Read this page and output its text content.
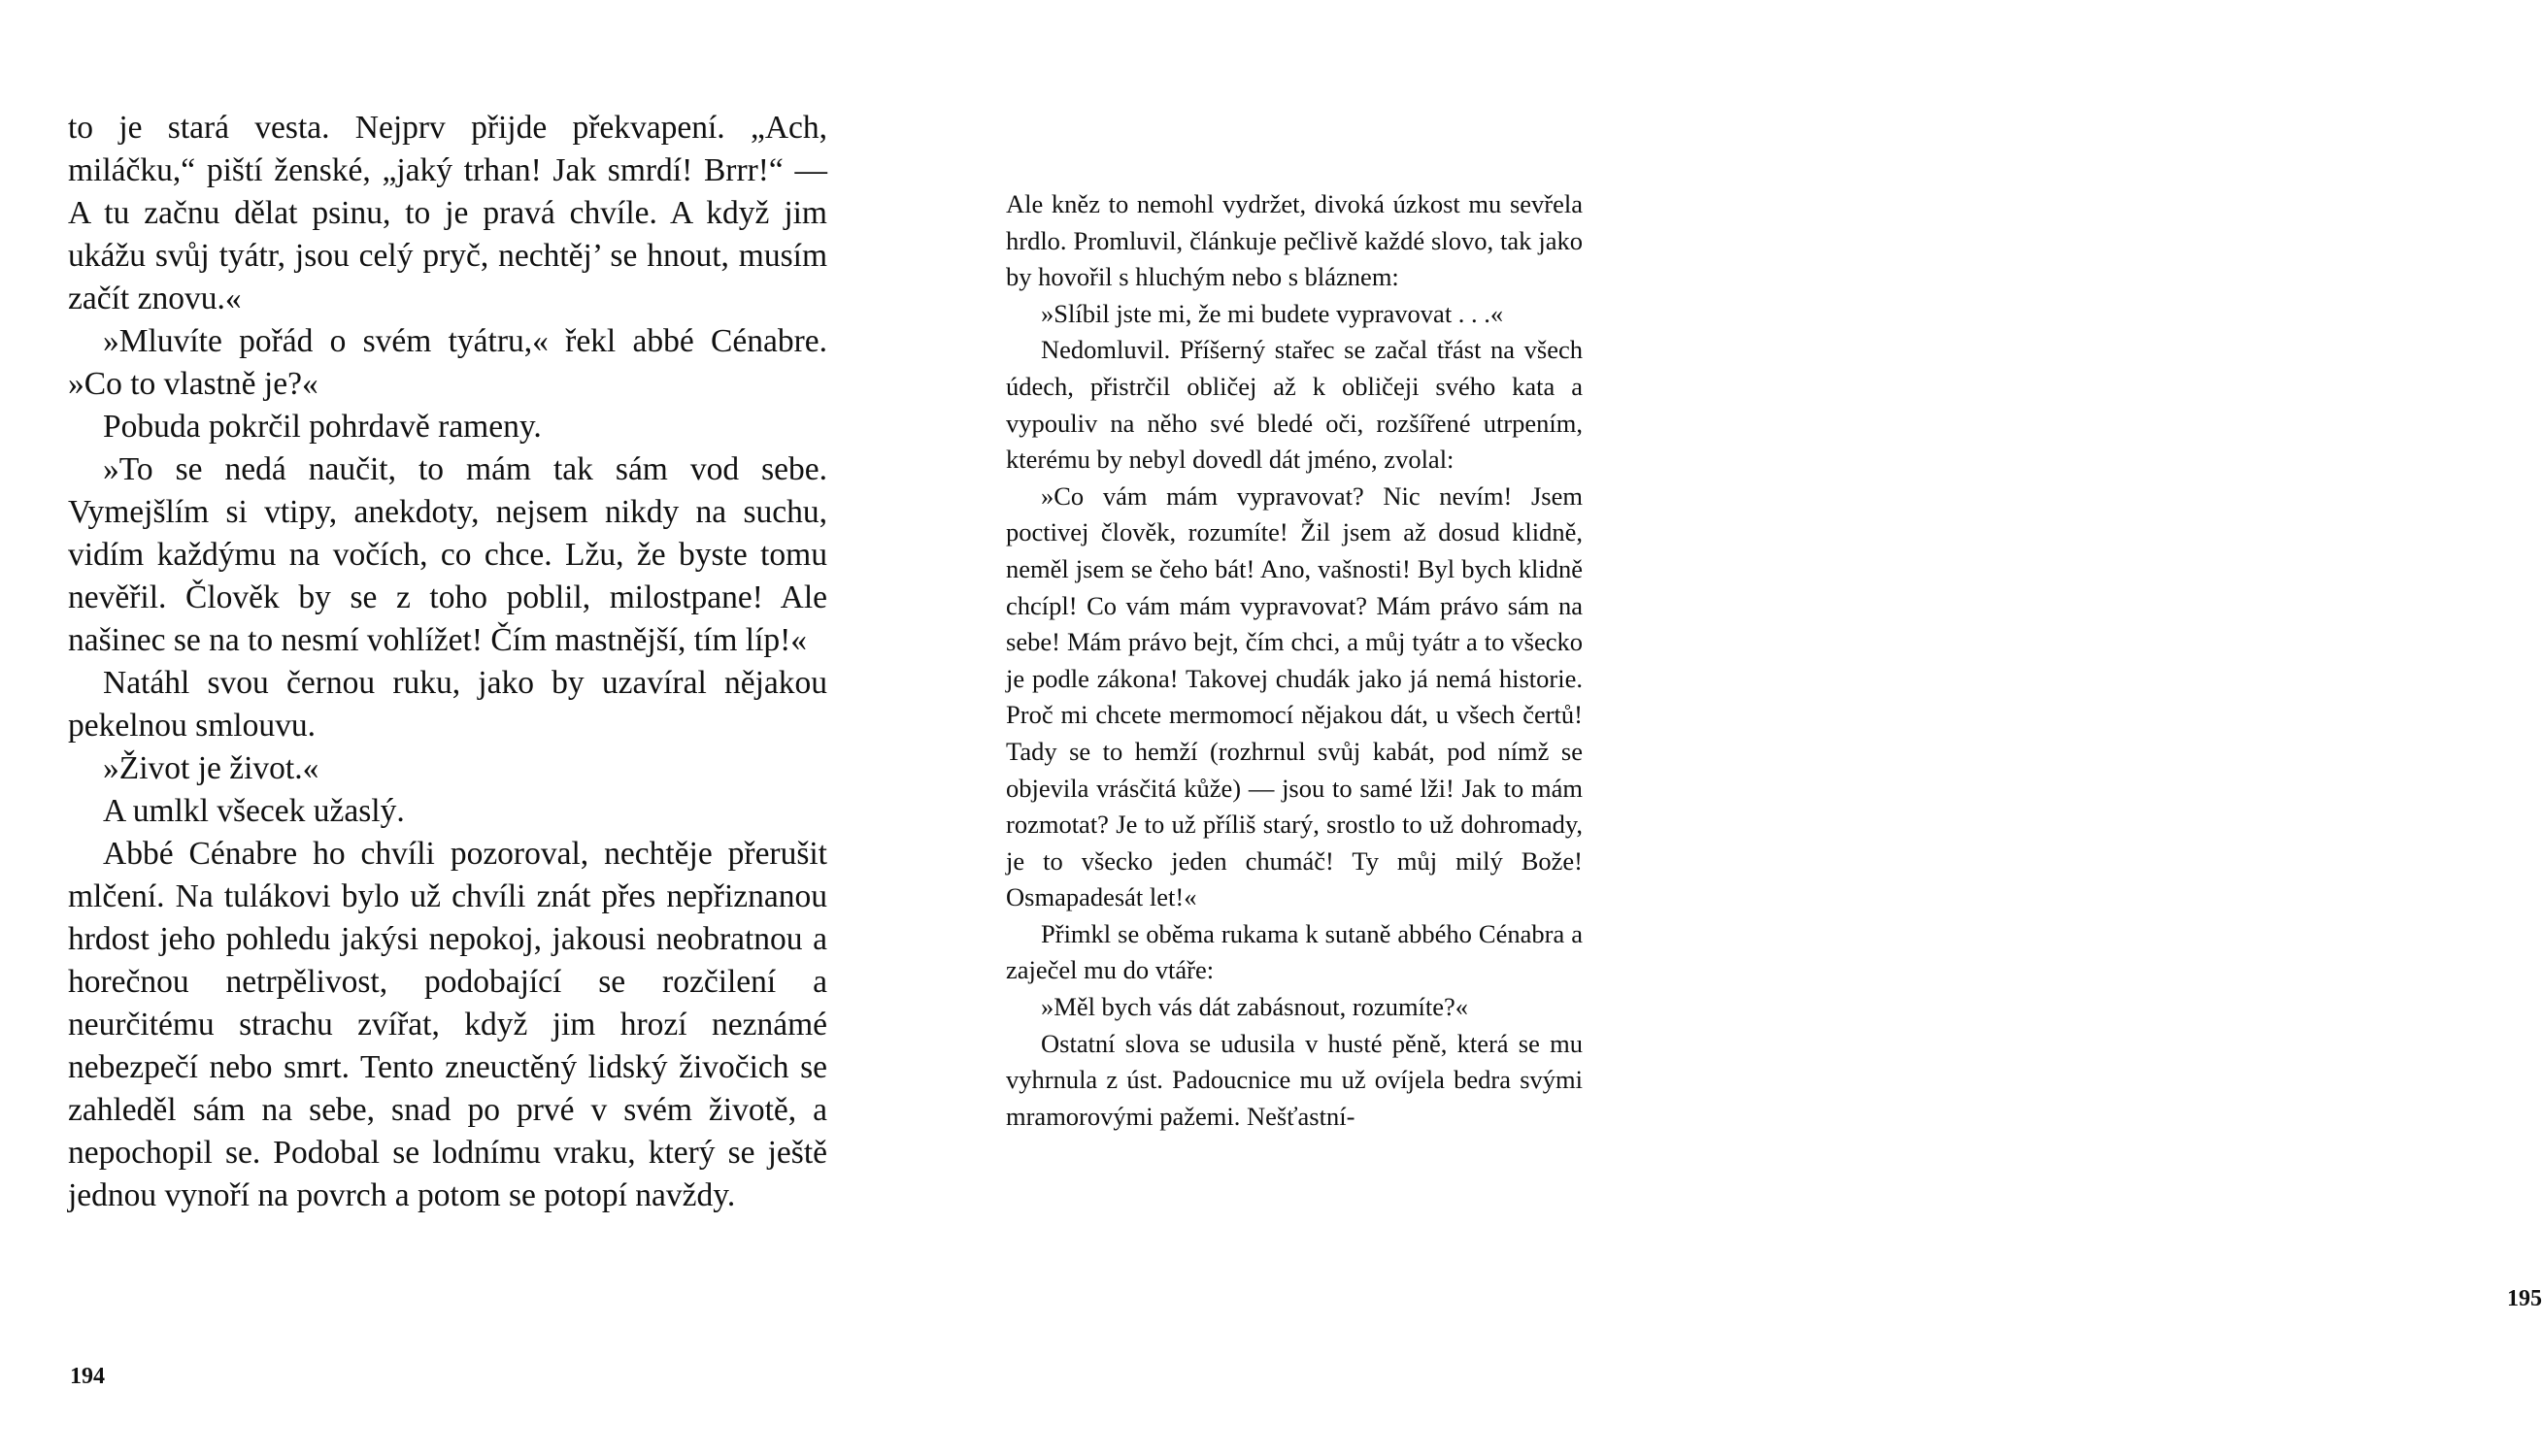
to je stará vesta. Nejprv přijde překvapení. „Ach, miláčku,“ piští ženské, „jaký trhan! Jak smrdí! Brrr!“ — A tu začnu dělat psinu, to je pravá chvíle. A když jim ukážu svůj tyátr, jsou celý pryč, nechtěj’ se hnout, musím začít znovu.«

»Mluvíte pořád o svém tyátru,« řekl abbé Cénabre. »Co to vlastně je?«

Pobuda pokrčil pohrdavě rameny.

»To se nedá naučit, to mám tak sám vod sebe. Vymejšlím si vtipy, anekdoty, nejsem nikdy na suchu, vidím každýmu na vočích, co chce. Lžu, že byste tomu nevěřil. Člověk by se z toho poblil, milostpane! Ale našinec se na to nesmí vohlížet! Čím mastnější, tím líp!«

Natáhl svou černou ruku, jako by uzavíral nějakou pekelnou smlouvu.

»Život je život.«

A umlkl všecek užaslý.

Abbé Cénabre ho chvíli pozoroval, nechtěje přerušit mlčení. Na tulákovi bylo už chvíli znát přes nepřiznanou hrdost jeho pohledu jakýsi nepokoj, jakousi neobratnou a horečnou netrpělivost, podobající se rozčilení a neurčitému strachu zvířat, když jim hrozí neznámé nebezpečí nebo smrt. Tento zneuctěný lidský živočich se zahleděl sám na sebe, snad po prvé v svém životě, a nepochopil se. Podobal se lodnímu vraku, který se ještě jednou vynoří na povrch a potom se potopí navždy.

194

Ale kněz to nemohl vydržet, divoká úzkost mu sevřela hrdlo. Promluvil, článkuje pečlivě každé slovo, tak jako by hovořil s hluchým nebo s bláznem:

»Slíbil jste mi, že mi budete vypravovat . . .«

Nedomluvil. Příšerný stařec se začal třást na všech údech, přistrčil obličej až k obličeji svého kata a vypouliv na něho své bledé oči, rozšířené utrpením, kterému by nebyl dovedl dát jméno, zvolal:

»Co vám mám vypravovat? Nic nevím! Jsem poctivej člověk, rozumíte! Žil jsem až dosud klidně, neměl jsem se čeho bát! Ano, vašnosti! Byl bych klidně chcípl! Co vám mám vypravovat? Mám právo sám na sebe! Mám právo bejt, čím chci, a můj tyátr a to všecko je podle zákona! Takovej chudák jako já nemá historie. Proč mi chcete mermomocí nějakou dát, u všech čertů! Tady se to hemží (rozhrnul svůj kabát, pod nímž se objevila vrásčitá kůže) — jsou to samé lži! Jak to mám rozmotat? Je to už příliš starý, srostlo to už dohromady, je to všecko jeden chumáč! Ty můj milý Bože! Osmapadesát let!«

Přimkl se oběma rukama k sutaně abbého Cénabra a zaječel mu do vtáře:

»Měl bych vás dát zabásnout, rozumíte?«

Ostatní slova se udusila v husté pěně, která se mu vyhrnula z úst. Padoucnice mu už ovíjela bedra svými mramorovými pažemi. Nešťastní-

195
